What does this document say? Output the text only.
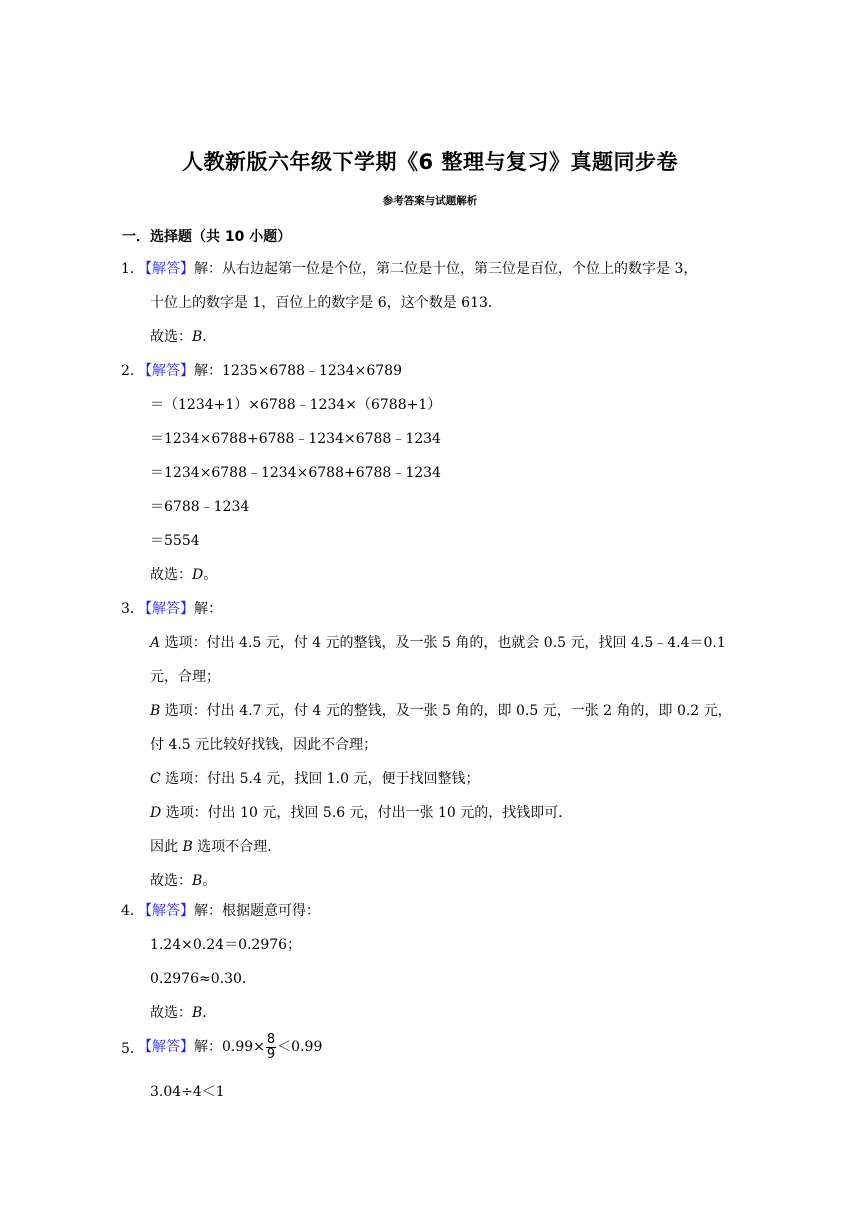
人教新版六年级下学期《6 整理与复习》真题同步卷
参考答案与试题解析
一．选择题（共 10 小题）
1．
【解答】解：从右边起第一位是个位，第二位是十位，第三位是百位，个位上的数字是 3，
十位上的数字是 1，百位上的数字是 6，这个数是 613．
故选：B．
2．
【解答】解：1235×6788﹣1234×6789
＝（1234+1）×6788﹣1234×（6788+1）
＝1234×6788+6788﹣1234×6788﹣1234
＝1234×6788﹣1234×6788+6788﹣1234
＝6788﹣1234
＝5554
故选：D。
3．
【解答】解：
A 选项：付出 4.5 元，付 4 元的整钱，及一张 5 角的，也就会 0.5 元，找回 4.5﹣4.4＝0.1
元，合理；
B 选项：付出 4.7 元，付 4 元的整钱，及一张 5 角的，即 0.5 元，一张 2 角的，即 0.2 元，
付 4.5 元比较好找钱，因此不合理；
C 选项：付出 5.4 元，找回 1.0 元，便于找回整钱；
D 选项：付出 10 元，找回 5.6 元，付出一张 10 元的，找钱即可．
因此 B 选项不合理．
故选：B。
4．
【解答】解：根据题意可得：
1.24×0.24＝0.2976；
0.2976≈0.30．
故选：B．
5．
【解答】解：$0.99\times \frac{8}{9} <0.99$
3.04÷4＜1
